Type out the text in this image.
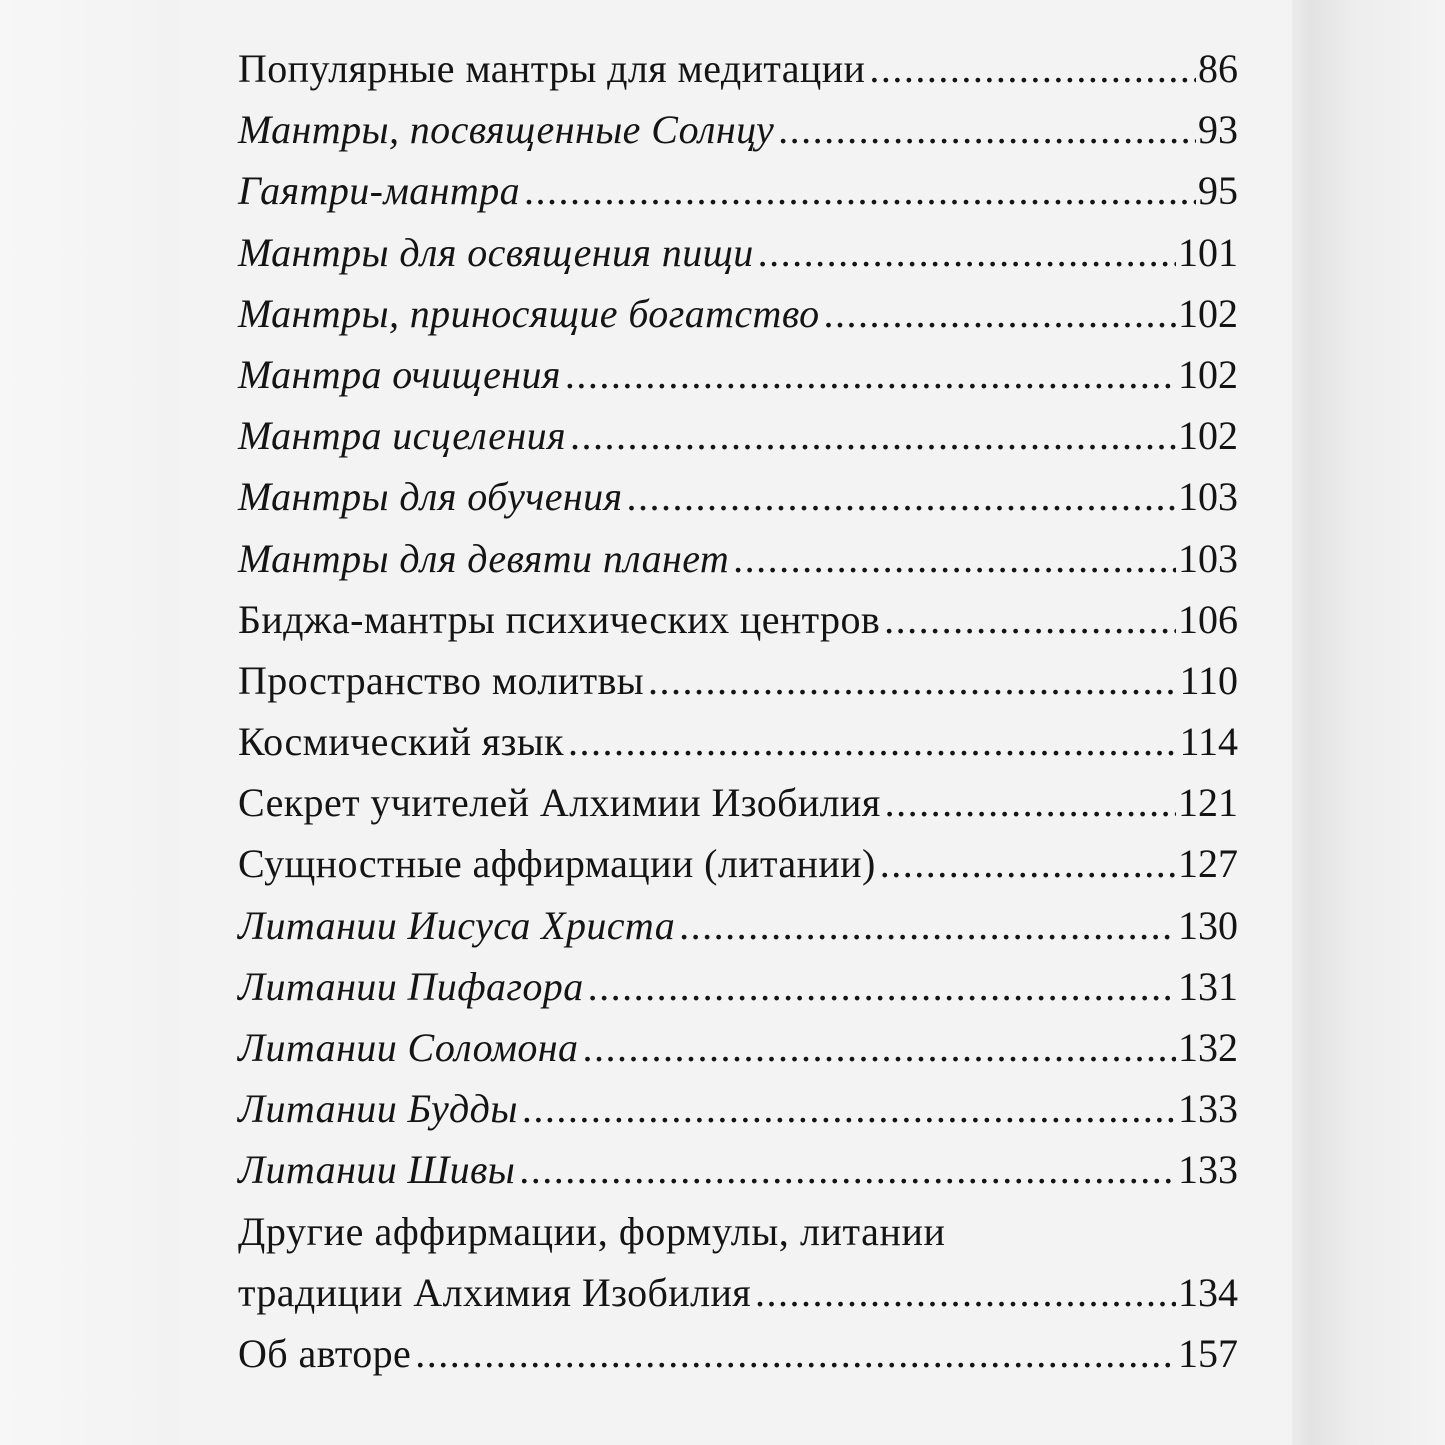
Популярные мантры для медитации .....	86
Мантры, посвященные Солнцу .....	93
Гаятри-мантра .....	95
Мантры для освящения пищи .....	101
Мантры, приносящие богатство .....	102
Мантра очищения .....	102
Мантра исцеления .....	102
Мантры для обучения .....	103
Мантры для девяти планет .....	103
Биджа-мантры психических центров .....	106
Пространство молитвы .....	110
Космический язык .....	114
Секрет учителей Алхимии Изобилия .....	121
Сущностные аффирмации (литании) .....	127
Литании Иисуса Христа .....	130
Литании Пифагора .....	131
Литании Соломона .....	132
Литании Будды .....	133
Литании Шивы .....	133
Другие аффирмации, формулы, литании
традиции Алхимия Изобилия .....	134
Об авторе .....	157
